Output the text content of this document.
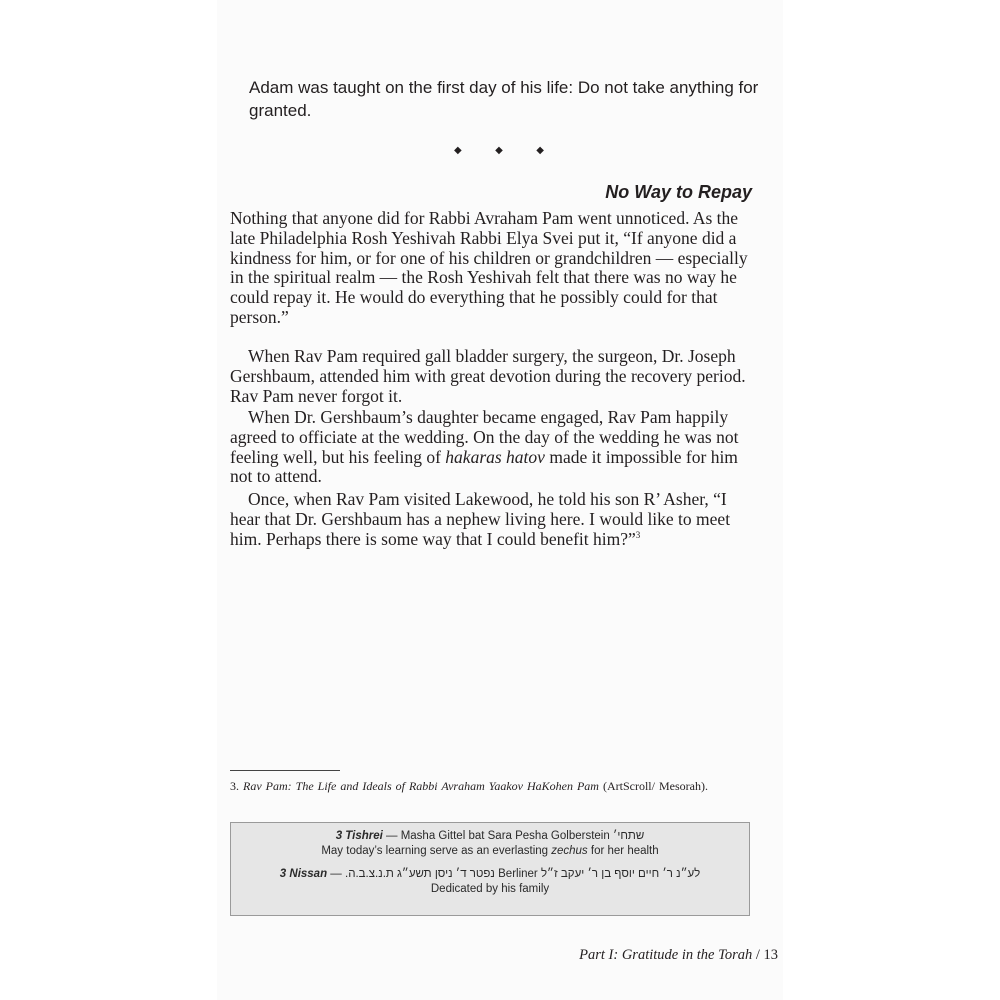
Adam was taught on the first day of his life: Do not take anything for granted.

◆	◆	◆
No Way to Repay

Nothing that anyone did for Rabbi Avraham Pam went unnoticed. As the late Philadelphia Rosh Yeshivah Rabbi Elya Svei put it, “If anyone did a kindness for him, or for one of his children or grandchildren — especially in the spiritual realm — the Rosh Yeshivah felt that there was no way he could repay it. He would do everything that he possibly could for that person.”

When Rav Pam required gall bladder surgery, the surgeon, Dr. Joseph Gershbaum, attended him with great devotion during the recovery period. Rav Pam never forgot it.

When Dr. Gershbaum’s daughter became engaged, Rav Pam happily agreed to officiate at the wedding. On the day of the wedding he was not feeling well, but his feeling of hakaras hatov made it impossible for him not to attend.

Once, when Rav Pam visited Lakewood, he told his son R’ Asher, “I hear that Dr. Gershbaum has a nephew living here. I would like to meet him. Perhaps there is some way that I could benefit him?”$^3$

3. Rav Pam: The Life and Ideals of Rabbi Avraham Yaakov HaKohen Pam (ArtScroll/ Mesorah).

3 Tishrei — Masha Gittel bat Sara Pesha Golberstein שתחי׳

May today’s learning serve as an everlasting zechus for her health

3 Nissan — נפטר ד׳ ניסן תשע״ג ת.נ.צ.ב.ה. Berliner לע״נ ר׳ חיים יוסף בן ר׳ יעקב ז״ל

Dedicated by his family

Part I: Gratitude in the Torah / 13
